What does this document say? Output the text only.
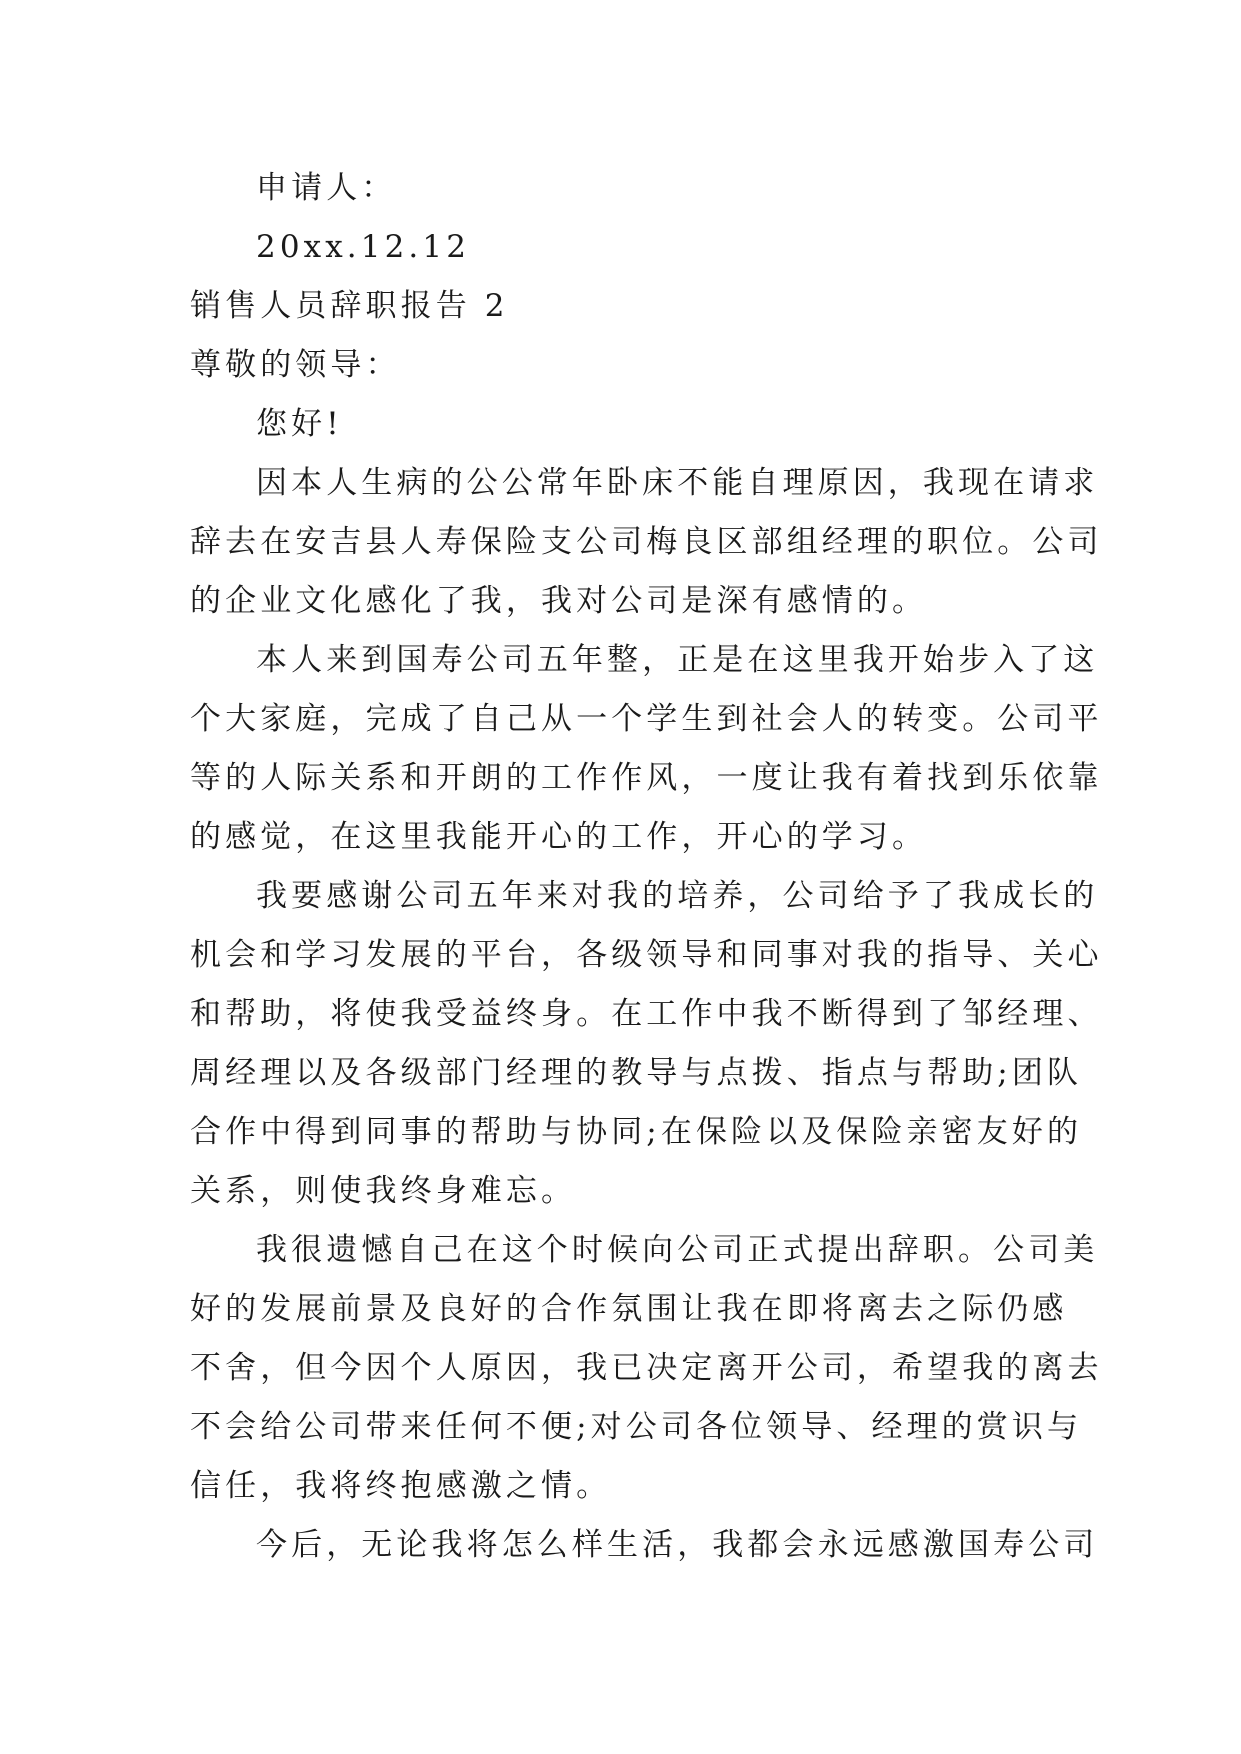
申请人：
20xx.12.12
销售人员辞职报告 2
尊敬的领导：
您好!
因本人生病的公公常年卧床不能自理原因，我现在请求
辞去在安吉县人寿保险支公司梅良区部组经理的职位。公司
的企业文化感化了我，我对公司是深有感情的。
本人来到国寿公司五年整，正是在这里我开始步入了这
个大家庭，完成了自己从一个学生到社会人的转变。公司平
等的人际关系和开朗的工作作风，一度让我有着找到乐依靠
的感觉，在这里我能开心的工作，开心的学习。
我要感谢公司五年来对我的培养，公司给予了我成长的
机会和学习发展的平台，各级领导和同事对我的指导、关心
和帮助，将使我受益终身。在工作中我不断得到了邹经理、
周经理以及各级部门经理的教导与点拨、指点与帮助;团队
合作中得到同事的帮助与协同;在保险以及保险亲密友好的
关系，则使我终身难忘。
我很遗憾自己在这个时候向公司正式提出辞职。公司美
好的发展前景及良好的合作氛围让我在即将离去之际仍感
不舍，但今因个人原因，我已决定离开公司，希望我的离去
不会给公司带来任何不便;对公司各位领导、经理的赏识与
信任，我将终抱感激之情。
今后，无论我将怎么样生活，我都会永远感激国寿公司
